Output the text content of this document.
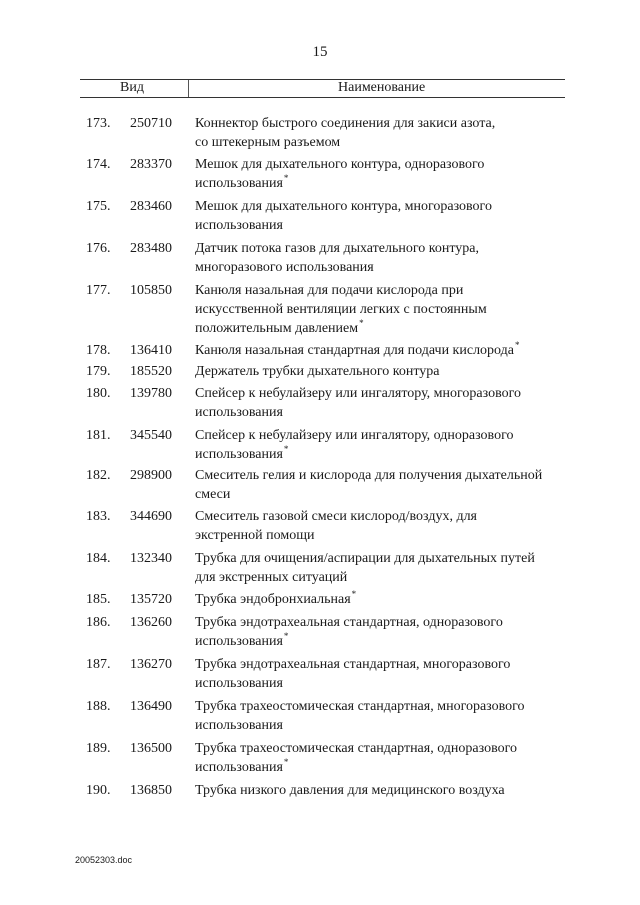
15
Вид	Наименование
173. 250710 Коннектор быстрого соединения для закиси азота,
со штекерным разъемом
174. 283370 Мешок для дыхательного контура, одноразового
использования*
175. 283460 Мешок для дыхательного контура, многоразового
использования
176. 283480 Датчик потока газов для дыхательного контура,
многоразового использования
177. 105850 Канюля назальная для подачи кислорода при
искусственной вентиляции легких с постоянным
положительным давлением*
178. 136410 Канюля назальная стандартная для подачи кислорода*
179. 185520 Держатель трубки дыхательного контура
180. 139780 Спейсер к небулайзеру или ингалятору, многоразового
использования
181. 345540 Спейсер к небулайзеру или ингалятору, одноразового
использования*
182. 298900 Смеситель гелия и кислорода для получения дыхательной
смеси
183. 344690 Смеситель газовой смеси кислород/воздух, для
экстренной помощи
184. 132340 Трубка для очищения/аспирации для дыхательных путей
для экстренных ситуаций
185. 135720 Трубка эндобронхиальная*
186. 136260 Трубка эндотрахеальная стандартная, одноразового
использования*
187. 136270 Трубка эндотрахеальная стандартная, многоразового
использования
188. 136490 Трубка трахеостомическая стандартная, многоразового
использования
189. 136500 Трубка трахеостомическая стандартная, одноразового
использования*
190. 136850 Трубка низкого давления для медицинского воздуха
20052303.doc
